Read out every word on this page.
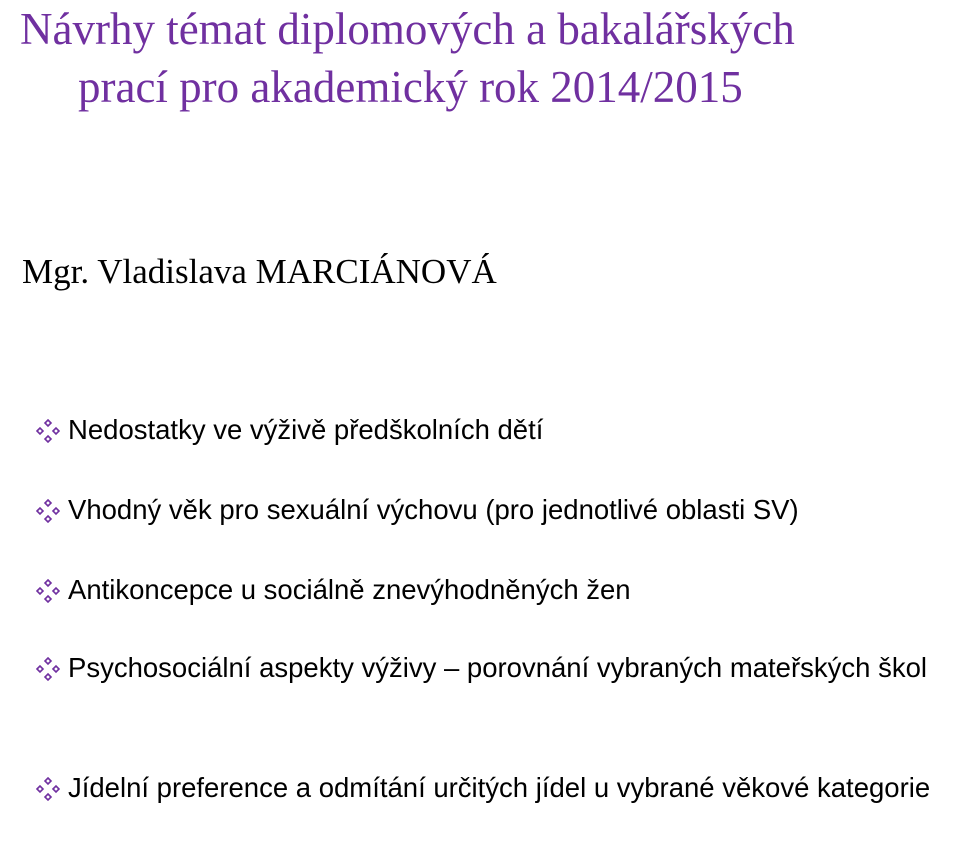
Návrhy témat diplomových a bakalářských
prací pro akademický rok 2014/2015
Mgr. Vladislava MARCIÁNOVÁ
Nedostatky ve výživě předškolních dětí
Vhodný věk pro sexuální výchovu (pro jednotlivé oblasti SV)
Antikoncepce u sociálně znevýhodněných žen
Psychosociální aspekty výživy – porovnání vybraných mateřských škol
Jídelní preference a odmítání určitých jídel u vybrané věkové kategorie
